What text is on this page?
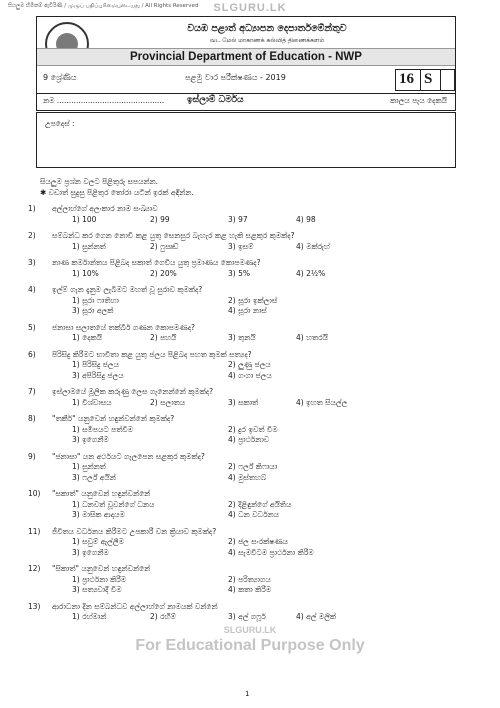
SLGURU.LK
සියලුම හිමිකම් ඇවිරිණි / முழுப் பதிப்புரிமையுடையது / All Rights Reserved
වයඹ පළාත් අධ්‍යාපන දෙපාර්තමේන්තුව
வட மேல் மாகாணக் கல்வித் திணைக்களம்
Provincial Department of Education - NWP
9 ශ්‍රේණිය	පළමු වාර පරීක්ෂණය - 2019	16 S
නම .............................................	ඉස්ලාම් ධර්මය	කාලය පැය දෙකයි
උපදෙස් :
සියලුම ප්‍රශ්න වලට පිළිතුරු සපයන්න.
✱ වඩාත් සුදුසු පිළිතුර තෝරා යටින් ඉරක් අඳින්න.
1)	අල්ලාහ්ගේ අලංකාර නාම සංඛ්‍යාව
1) 100	2) 99	3) 97	4) 98
2)	සම්බන්ධ කර ගෙන නොවී කළ යුතු සෙනසුර බැහැර කළ හැකි සළකුර කුමක්ද?
1) සුන්නත්	2) ෆුඍඩ්	3) ඉසම්	4) මක්රුහ්
3)	නාණ කර්මාන්තය පිළිබද සකාත් ගෙවිය යුතු ප්‍රමාණය කොපමණද?
1) 10%	2) 20%	3) 5%	4) 2½%
4)	ඉල්ම් ගැන දැනුම ලැබීමට මහත් වූ සුරාව කුමක්ද?
1) සූරා ෆාතිහා	2) සූරා ඉක්ලාස්
3) සූරා අලක්	4) සූරා නාස්
5)	ජනාසා සලාතයේ තක්බීර් ගණන කොපමණද?
1) දෙකයි	2) පහයි	3) තුනයි	4) හතරයි
6)	පිරිසිදු කිරීමට භාවිතා කළ යුතු ජලය පිළිබද පහත කුමක් සත්‍යද?
1) පිරිසිදු ජලය	2) ලුණු ජලය
3) අපිරිසිදු ජලය	4) ගංගා ජලය
7)	ඉස්ලාමයේ මූලික කරුණු ලෙස ගැනෙන්නේ කුමක්ද?
1) විශ්වාසය	2) සලාතය	3) සකාත්	4) ඉහත සියල්ල
8)	"තකීර්" යනුවෙන් හඳුන්වන්නේ කුමක්ද?
1) සමීපයට පත්වීම	2) දුර ඉවත් වීම
3) ඉගෙනීම	4) ප්‍රාර්ථනාව
9)	"ජනාසා" යන අර්ථයට ගැලපෙන සළකුර කුමක්ද?
1) සුන්නත්	2) ෆර්ල් කිෆායා
3) ෆර්ල් අයින්	4) මුස්තහබ්
10)	"සකාත්" යනුවෙන් හඳුන්වන්නේ
1) ධනවත් වූවන්ගේ ධනය	2) දිළිඳුන්ගේ අයිතිය
3) මාසික ආදායම	4) ධන වර්ධනය
11)	ජීවිතය වර්ධනය කිරීමට උපකාරී වන ක්‍රියාව කුමක්ද?
1) සවුම් ඇල්ලීම	2) ජල සංරක්ෂණය
3) ඉගෙනීම	4) සැමවිටම ප්‍රාර්ථනා කිරීම
12)	"සිකාත්" යනුවෙන් හඳුන්වන්නේ
1) ප්‍රාර්ථනා කිරීම	2) පරිත්‍යාගය
3) සත්‍යවාදී වීම	4) කතා කිරීම
13)	ආරාධනා දින සම්බන්ධව අල්ලාහ්ගේ නාමයක් වන්නේ
1) රහ්මාන්	2) රහීම්	3) අල් ගෆූර්	4) අල් මලික්
SLGURU.LK
For Educational Purpose Only
1
